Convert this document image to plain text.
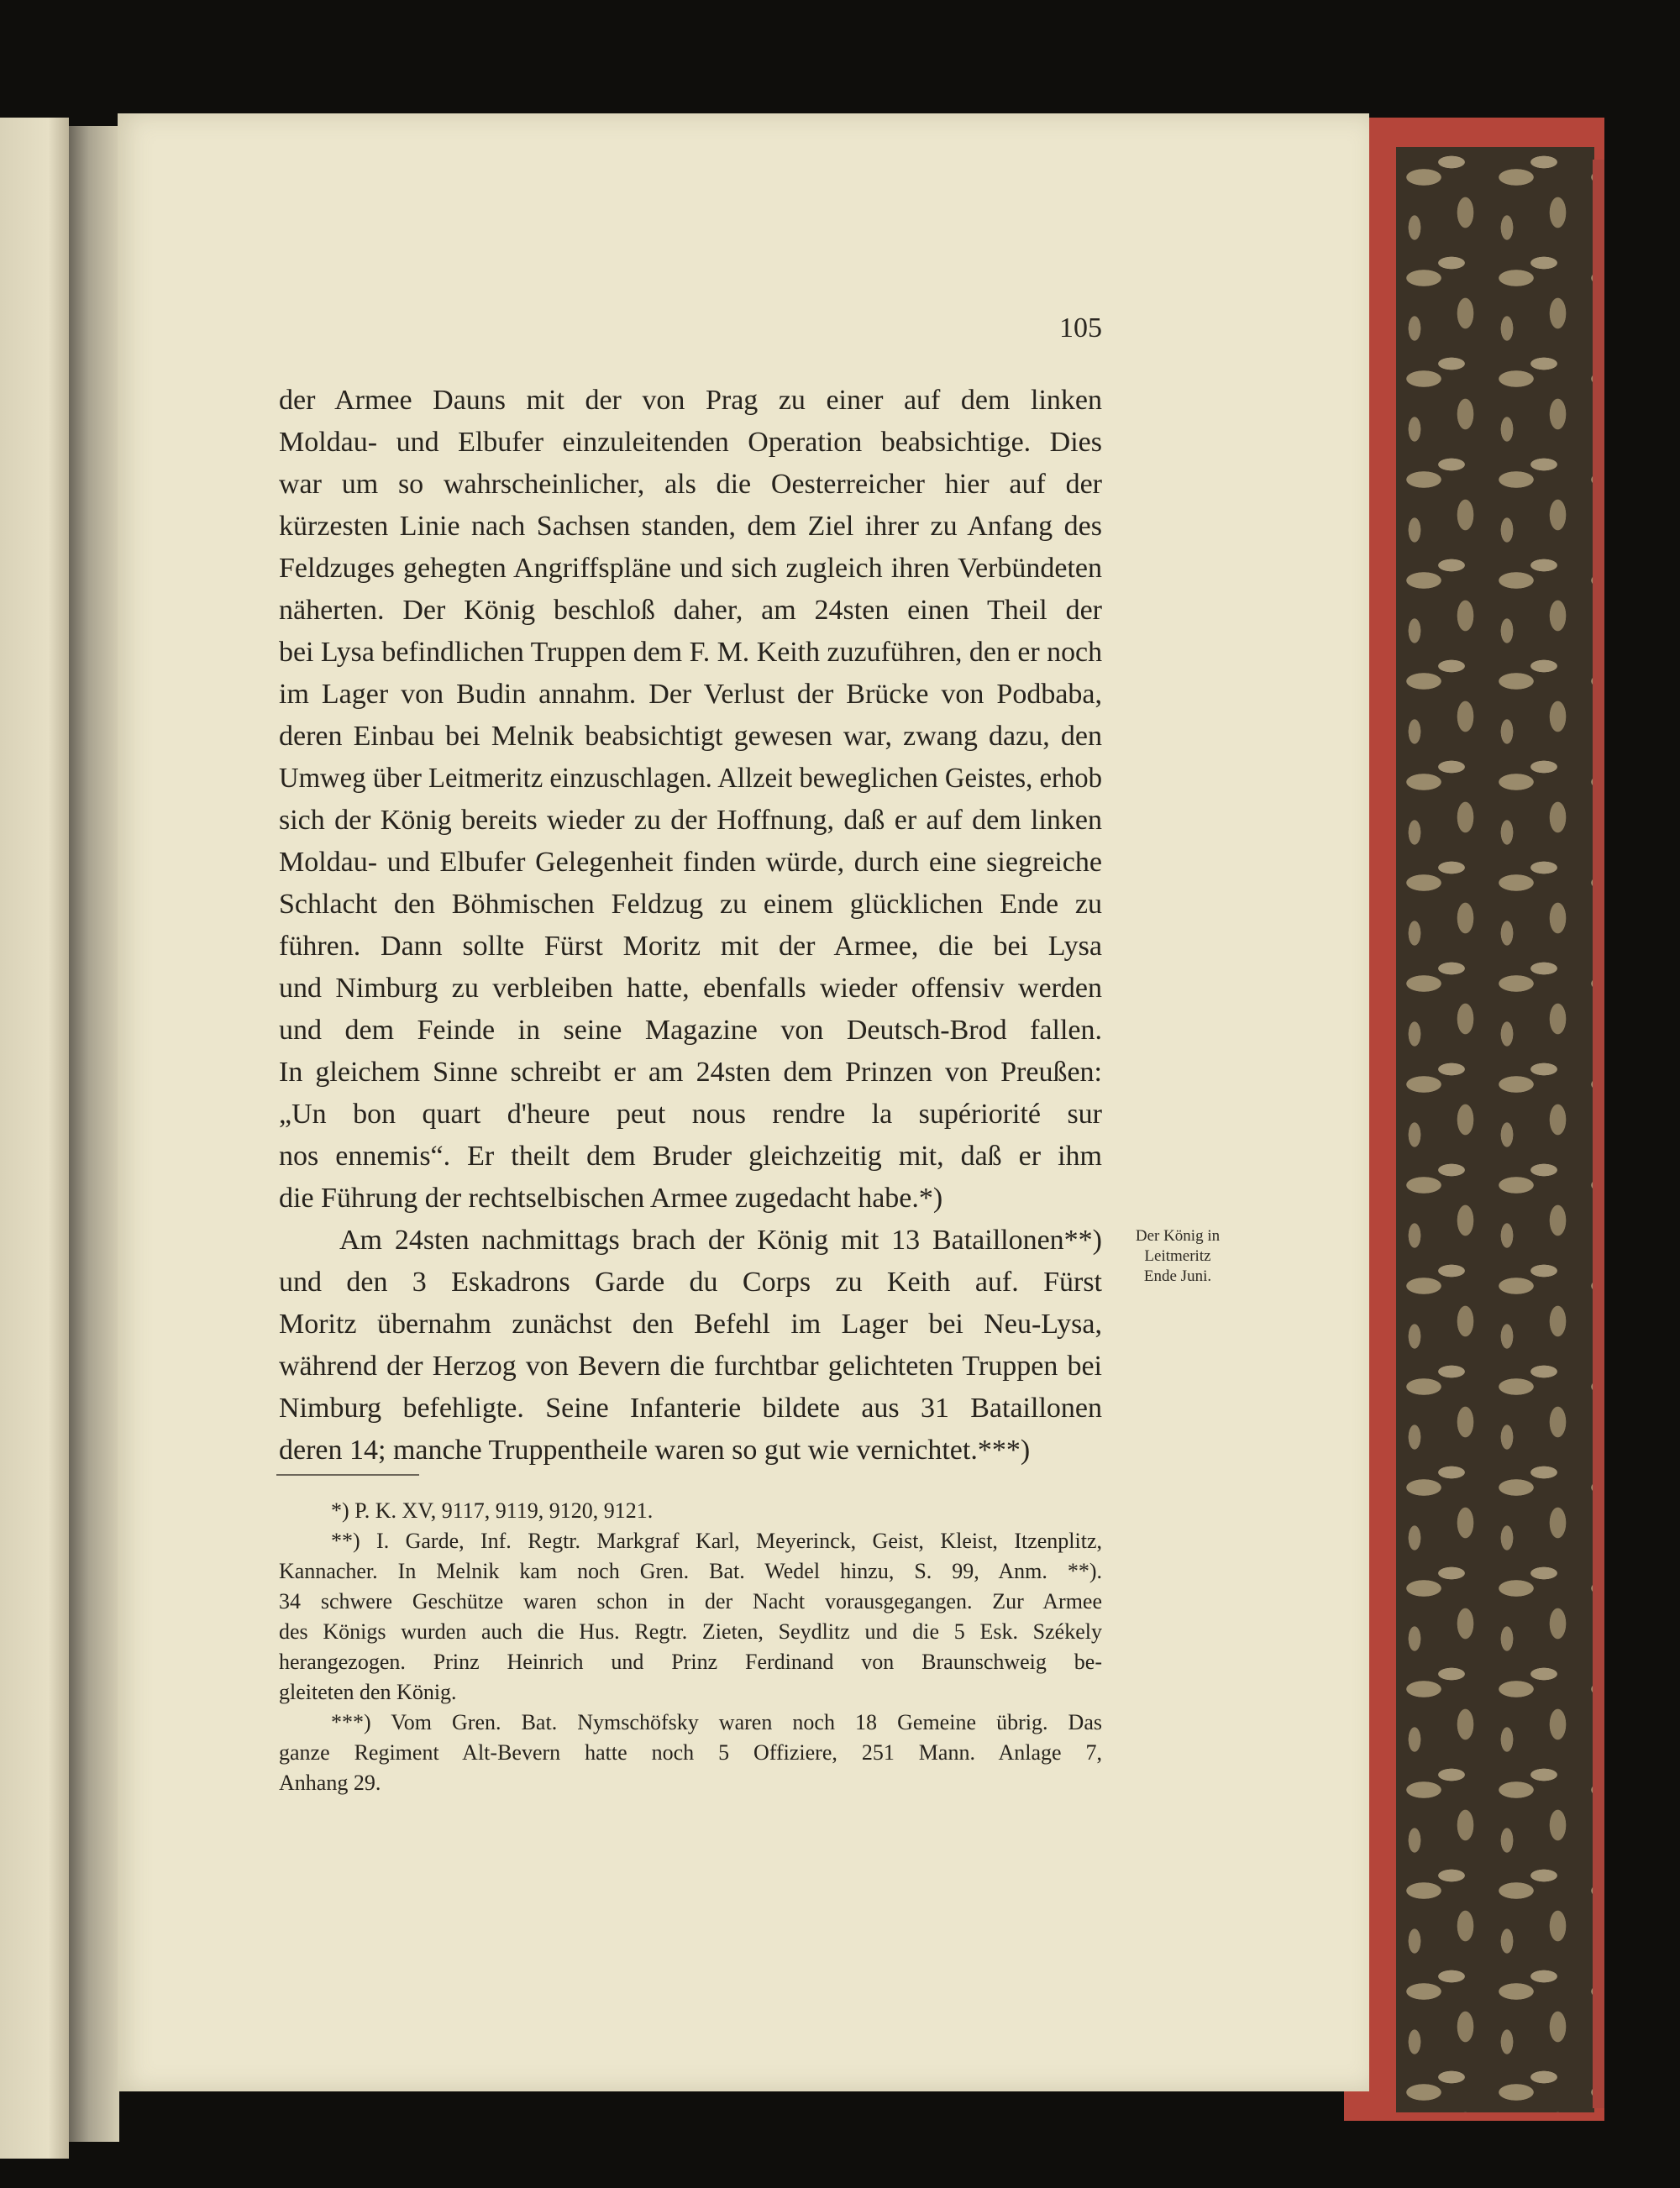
105
der Armee Dauns mit der von Prag zu einer auf dem linken
Moldau- und Elbufer einzuleitenden Operation beabsichtige. Dies
war um so wahrscheinlicher, als die Oesterreicher hier auf der
kürzesten Linie nach Sachsen standen, dem Ziel ihrer zu Anfang des
Feldzuges gehegten Angriffspläne und sich zugleich ihren Verbündeten
näherten. Der König beschloß daher, am 24sten einen Theil der
bei Lysa befindlichen Truppen dem F. M. Keith zuzuführen, den er noch
im Lager von Budin annahm. Der Verlust der Brücke von Podbaba,
deren Einbau bei Melnik beabsichtigt gewesen war, zwang dazu, den
Umweg über Leitmeritz einzuschlagen. Allzeit beweglichen Geistes, erhob
sich der König bereits wieder zu der Hoffnung, daß er auf dem linken
Moldau- und Elbufer Gelegenheit finden würde, durch eine siegreiche
Schlacht den Böhmischen Feldzug zu einem glücklichen Ende zu
führen. Dann sollte Fürst Moritz mit der Armee, die bei Lysa
und Nimburg zu verbleiben hatte, ebenfalls wieder offensiv werden
und dem Feinde in seine Magazine von Deutsch-Brod fallen.
In gleichem Sinne schreibt er am 24sten dem Prinzen von Preußen:
„Un bon quart d'heure peut nous rendre la supériorité sur
nos ennemis“. Er theilt dem Bruder gleichzeitig mit, daß er ihm
die Führung der rechtselbischen Armee zugedacht habe.*)
Am 24sten nachmittags brach der König mit 13 Bataillonen**)
und den 3 Eskadrons Garde du Corps zu Keith auf. Fürst
Moritz übernahm zunächst den Befehl im Lager bei Neu-Lysa,
während der Herzog von Bevern die furchtbar gelichteten Truppen bei
Nimburg befehligte. Seine Infanterie bildete aus 31 Bataillonen
deren 14; manche Truppentheile waren so gut wie vernichtet.***)
Der König in
Leitmeritz
Ende Juni.
*) P. K. XV, 9117, 9119, 9120, 9121.
**) I. Garde, Inf. Regtr. Markgraf Karl, Meyerinck, Geist, Kleist, Itzenplitz,
Kannacher. In Melnik kam noch Gren. Bat. Wedel hinzu, S. 99, Anm. **).
34 schwere Geschütze waren schon in der Nacht vorausgegangen. Zur Armee
des Königs wurden auch die Hus. Regtr. Zieten, Seydlitz und die 5 Esk. Székely
herangezogen. Prinz Heinrich und Prinz Ferdinand von Braunschweig be-
gleiteten den König.
***) Vom Gren. Bat. Nymschöfsky waren noch 18 Gemeine übrig. Das
ganze Regiment Alt-Bevern hatte noch 5 Offiziere, 251 Mann. Anlage 7,
Anhang 29.
